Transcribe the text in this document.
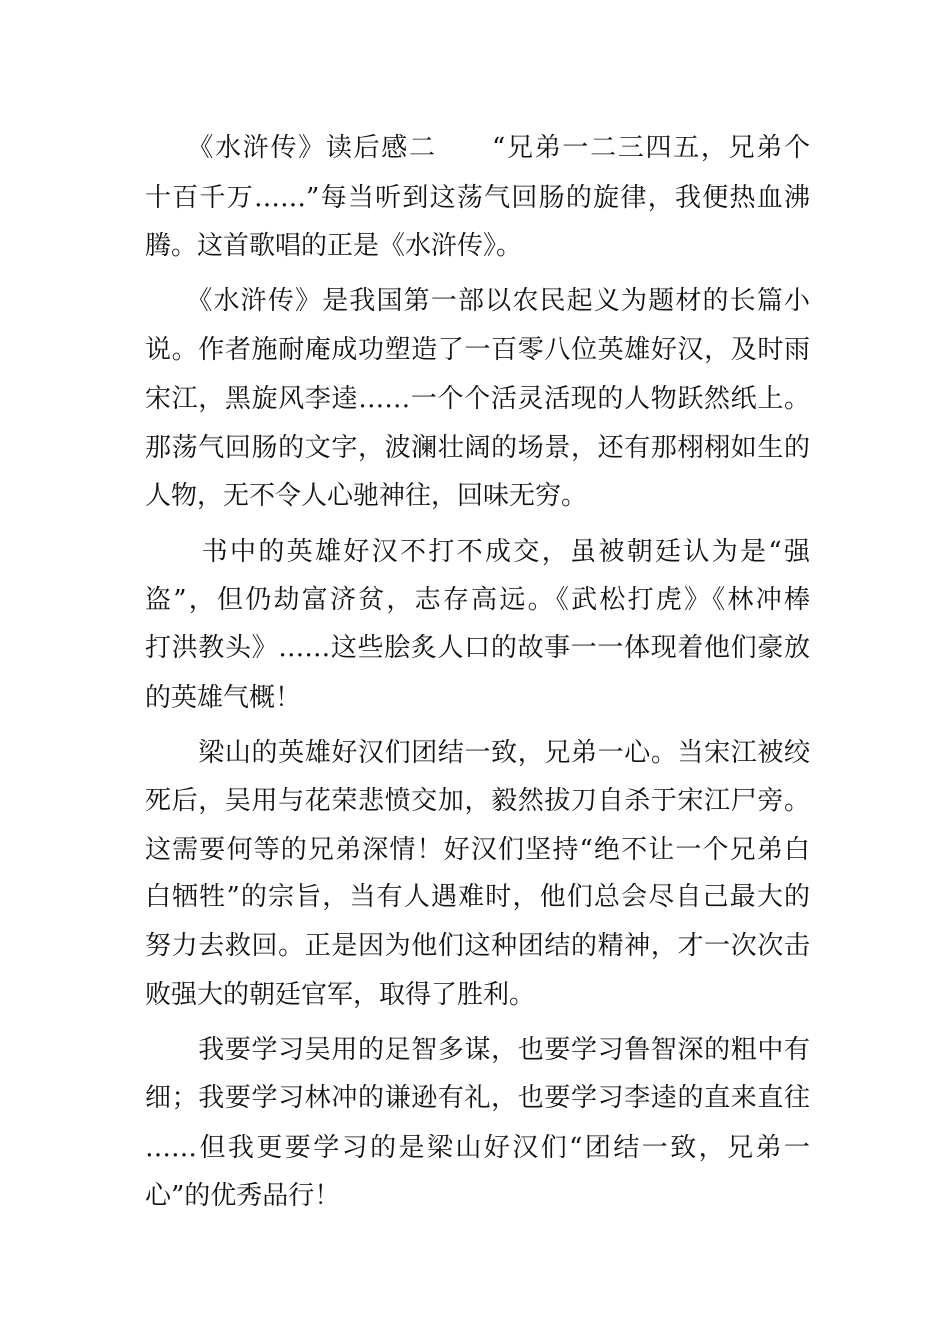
　　《水浒传》读后感二　　“兄弟一二三四五，兄弟个
十百千万……”每当听到这荡气回肠的旋律，我便热血沸
腾。这首歌唱的正是《水浒传》。
　　《水浒传》是我国第一部以农民起义为题材的长篇小
说。作者施耐庵成功塑造了一百零八位英雄好汉，及时雨
宋江，黑旋风李逵……一个个活灵活现的人物跃然纸上。
那荡气回肠的文字，波澜壮阔的场景，还有那栩栩如生的
人物，无不令人心驰神往，回味无穷。
　　书中的英雄好汉不打不成交，虽被朝廷认为是“强
盗”，但仍劫富济贫，志存高远。《武松打虎》《林冲棒
打洪教头》……这些脍炙人口的故事一一体现着他们豪放
的英雄气概！
　　梁山的英雄好汉们团结一致，兄弟一心。当宋江被绞
死后，吴用与花荣悲愤交加，毅然拔刀自杀于宋江尸旁。
这需要何等的兄弟深情！好汉们坚持“绝不让一个兄弟白
白牺牲”的宗旨，当有人遇难时，他们总会尽自己最大的
努力去救回。正是因为他们这种团结的精神，才一次次击
败强大的朝廷官军，取得了胜利。
　　我要学习吴用的足智多谋，也要学习鲁智深的粗中有
细；我要学习林冲的谦逊有礼，也要学习李逵的直来直往
……但我更要学习的是梁山好汉们“团结一致，兄弟一
心”的优秀品行！
